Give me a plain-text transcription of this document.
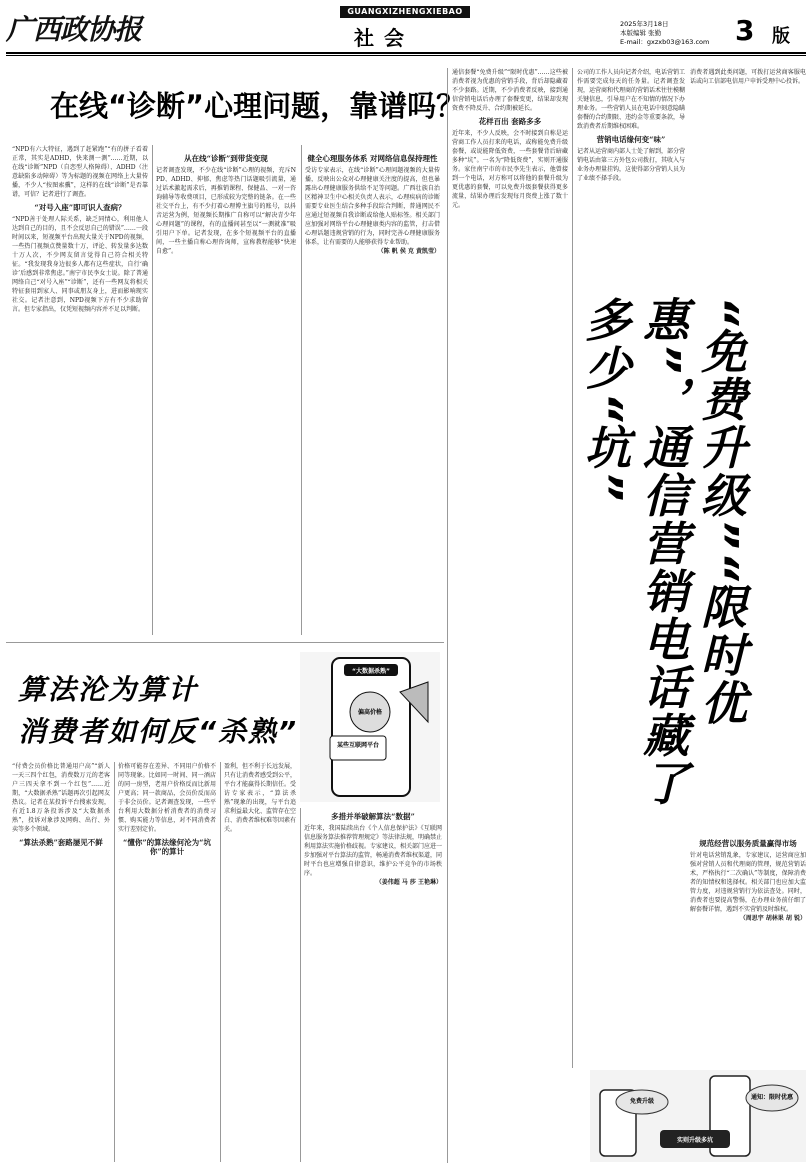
广西政协报
GUANGXIZHENGXIEBAO
社会
2025年3月18日
本版编辑 张勤
E-mail：gxzxb03@163.com 3 版
在线“诊断”心理问题，靠谱吗？
“NPD有六大特征，遇到了赶紧跑”“有的拼子看着正常，其实是ADHD，快来测一测”……近期，以在线“诊断”NPD（自恋型人格障碍）、ADHD（注意缺陷多动障碍）等为标题的视频在网络上大量传播，不少人“按图索骥”，这样的在线“诊断”是否靠谱，可信？记者进行了调查。
“对号入座”即可识人查病？
“NPD善于处理人际关系，缺乏同情心，利用他人达到自己的目的，且不会反思自己的错误”……一段时间以来，短视频平台出现大量关于NPD的视频，一些热门视频点赞量数十万，评论、转发量多达数十万人次，不少网友留言觉得自己符合相关特征。“我发现我身边很多人都有这些症状，自行‘确诊’后感到非常焦虑。”南宁市民李女士说。除了普通网络自己“对号入座”“诊断”，还有一些网友将相关特征套用到家人、同事或朋友身上，进而影响现实社交。记者注意到，NPD视频下方有不少求助留言。但专家指出，仅凭短视频内容并不足以判断。
从在线“诊断”到带货变现
记者调查发现，不少在线“诊断”心理的视频，充斥NPD、ADHD、抑郁、焦虑等热门话题吸引流量，通过话术激起需求后，再推销课程、保健品、一对一咨询辅导等收费项目，已形成较为完整的链条。在一些社交平台上，有不少打着心理博主旗号的账号，以抖音运营为例，短视频长期推广自称可以“解决青少年心理问题”的课程，有的直播间甚至以“一测就准”吸引用户下单。记者发现，在多个短视频平台的直播间，一些主播自称心理咨询师，宣称教程能够“快速自愈”。
健全心理服务体系 对网络信息保持理性
受访专家表示，在线“诊断”心理问题视频的大量传播，反映出公众对心理健康关注度的提高，但也暴露出心理健康服务供给不足等问题。广西壮族自治区精神卫生中心相关负责人表示，心理疾病的诊断需要专业医生结合多种手段综合判断，普通网民不应通过短视频自我诊断或给他人贴标签。相关部门应加强对网络平台心理健康类内容的监管，打击借心理话题违规营销的行为，同时完善心理健康服务体系，让有需要的人能够获得专业帮助。
（陈 帆 侯 克 黄凯莹）
通信套餐“免费升级”“限时优惠”……这些被消费者视为优惠的营销手段，背后却隐藏着不少套路。近期，不少消费者反映，接到通信营销电话后办理了套餐变更，结果却发现资费不降反升、合约期被延长。
花样百出 套路多多
近年来，不少人反映，会不时接到自称是运营商工作人员打来的电话，或称能免费升级套餐，或说能降低资费，一些套餐背后暗藏多种“坑”。一名为“降低资费”，实则开通服务。家住南宁市的市民李先生表示，他曾接到一个电话，对方称可以将他的套餐升级为更优惠的套餐，可以免费升级套餐获得更多流量，结果办理后发现每月资费上涨了数十元。
公司的工作人员向记者介绍，电话营销工作需要完成每天的任务量。记者调查发现，运营商和代理商的营销话术往往模糊关键信息，引导用户在不知情的情况下办理业务。一些营销人员在电话中刻意隐瞒套餐的合约期限、违约金等重要条款，导致消费者后期维权困难。
营销电话缘何变“味”
记者从运营商内部人士处了解到，部分营销电话由第三方外包公司拨打，其收入与业务办理量挂钩，这使得部分营销人员为了业绩不择手段。
“免费升级”“限时优惠”，通信营销电话藏了多少“坑”
消费者遇到此类问题，可拨打运营商客服电话或向工信部电信用户申诉受理中心投诉。
规范经营以服务质量赢得市场
针对电话营销乱象，专家建议，运营商应加强对营销人员和代理商的管理，规范营销话术，严格执行“二次确认”等制度，保障消费者的知情权和选择权。相关部门也应加大监管力度，对违规营销行为依法查处。同时，消费者也要提高警惕，在办理业务前仔细了解套餐详情，遇到不实营销及时维权。
（周思宇 胡林果 胡 锐）
免费升级
通知：限时优惠
实则升级多坑
算法沦为算计
消费者如何反“杀熟”
“大数据杀熟”
偏高价格
某些互联网平台
“付费会员价格比普通用户高”“新人一天三四个红包，消费数万元的老客户三四天拿不到一个红包”……近期，“大数据杀熟”话题再次引起网友热议。记者在某投诉平台搜索发现，有近1.8万条投诉涉及“大数据杀熟”，投诉对象涉及网购、出行、外卖等多个领域。
“算法杀熟”套路屡见不鲜
价格可能存在差异、不同用户价格不同等现象。比如同一时间、同一酒店的同一房型，老用户价格反而比新用户更高；同一款商品，会员价反而高于非会员价。记者调查发现，一些平台利用大数据分析消费者的消费习惯、购买能力等信息，对不同消费者实行差别定价。
“懂你”的算法缘何沦为“坑你”的算计
盈利，但不利于长远发展，只有让消费者感受到公平，平台才能赢得长期信任。受访专家表示，“算法杀熟”现象的出现，与平台追求利益最大化、监管存在空白、消费者维权难等因素有关。
多措并举破解算法“数据”
近年来，我国陆续出台《个人信息保护法》《互联网信息服务算法推荐管理规定》等法律法规，明确禁止利用算法实施价格歧视。专家建议，相关部门应进一步加强对平台算法的监管，畅通消费者维权渠道，同时平台也应增强自律意识，维护公平竞争的市场秩序。
（姜伟超 马 莎 王艳琳）
